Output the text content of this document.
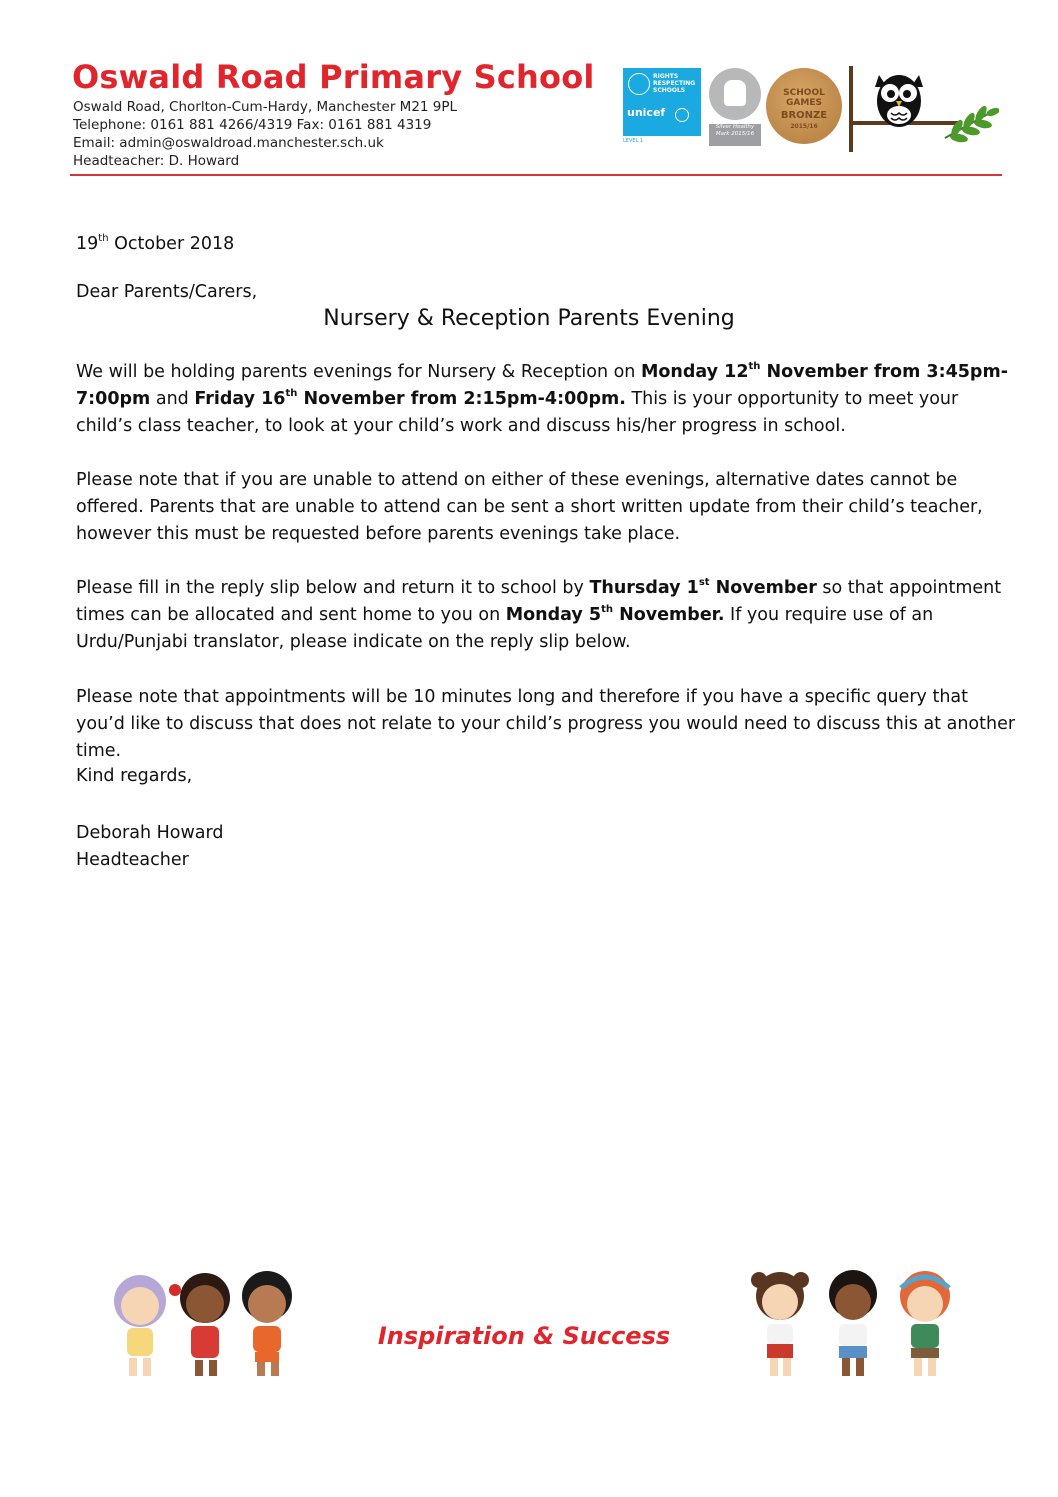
Oswald Road Primary School
Oswald Road, Chorlton-Cum-Hardy, Manchester M21 9PL
Telephone: 0161 881 4266/4319 Fax: 0161 881 4319
Email: admin@oswaldroad.manchester.sch.uk
Headteacher: D. Howard
RIGHTS RESPECTING SCHOOLS
unicef
LEVEL 1
Silver Healthy Mark 2015/16
SCHOOL GAMES
BRONZE
2015/16
19th October 2018
Dear Parents/Carers,
Nursery & Reception Parents Evening
We will be holding parents evenings for Nursery & Reception on Monday 12th November from 3:45pm-7:00pm and Friday 16th November from 2:15pm-4:00pm. This is your opportunity to meet your child’s class teacher, to look at your child’s work and discuss his/her progress in school.
Please note that if you are unable to attend on either of these evenings, alternative dates cannot be offered. Parents that are unable to attend can be sent a short written update from their child’s teacher, however this must be requested before parents evenings take place.
Please fill in the reply slip below and return it to school by Thursday 1st November so that appointment times can be allocated and sent home to you on Monday 5th November. If you require use of an Urdu/Punjabi translator, please indicate on the reply slip below.
Please note that appointments will be 10 minutes long and therefore if you have a specific query that you’d like to discuss that does not relate to your child’s progress you would need to discuss this at another time.
Kind regards,
Deborah Howard
Headteacher
Inspiration & Success
